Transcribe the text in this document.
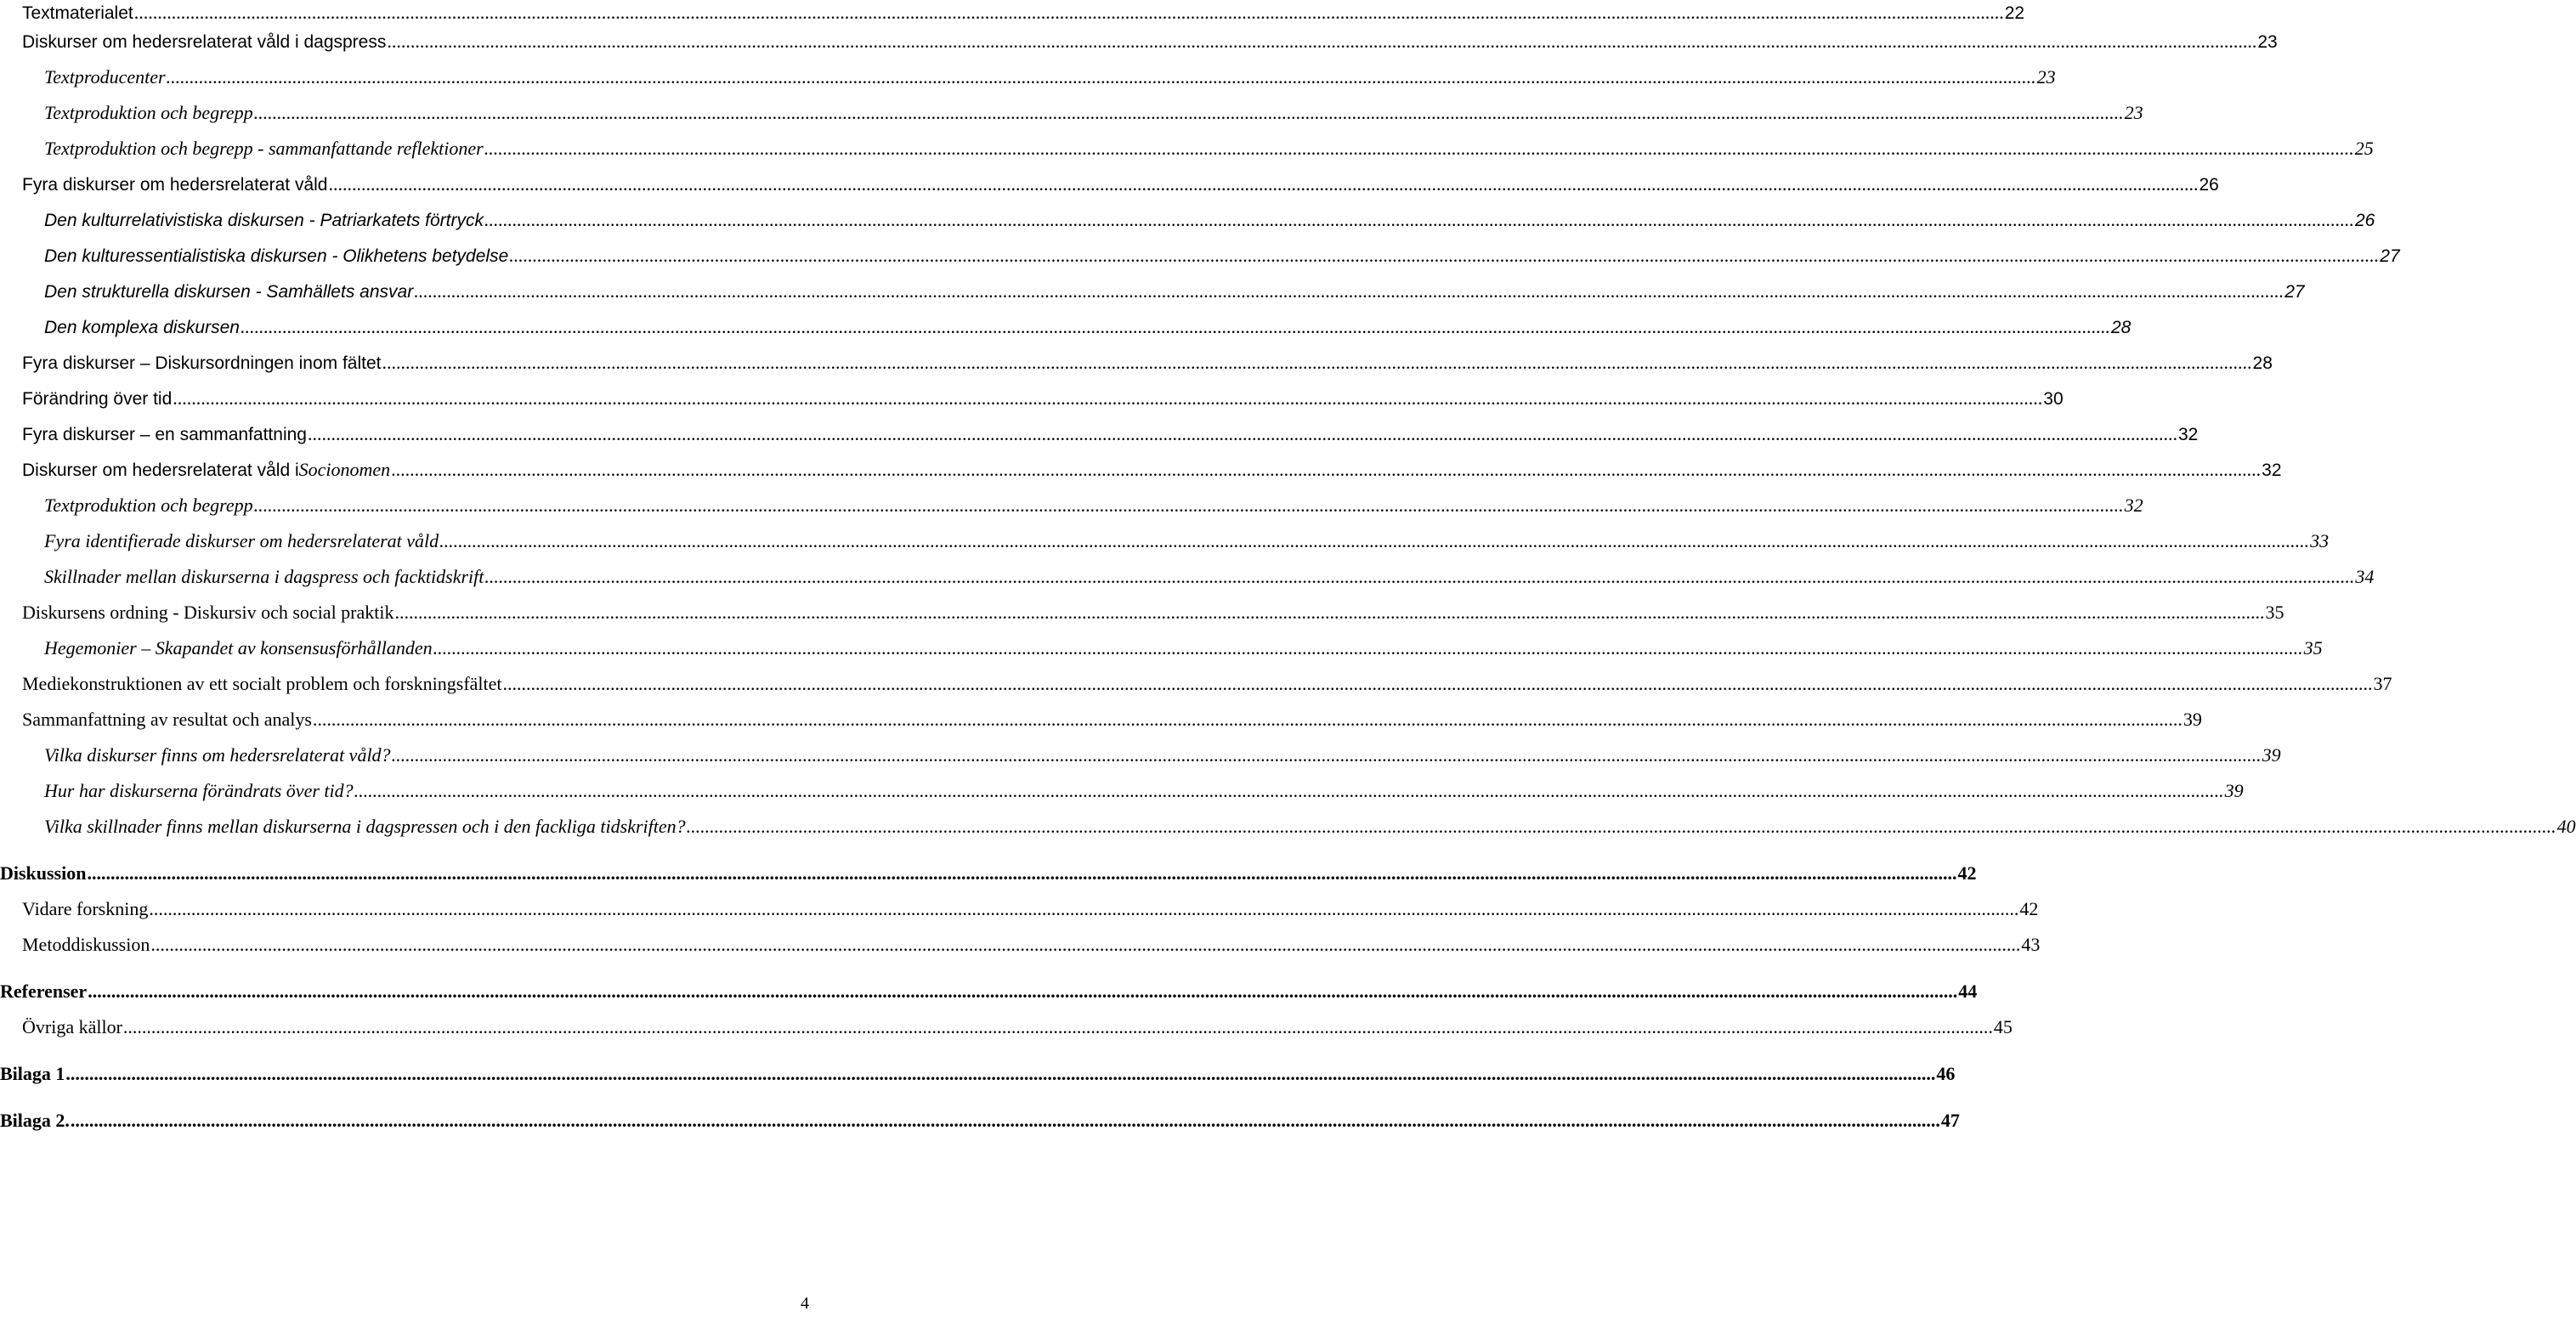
Textmaterialet ................................................................................................................................................................................................................................................................................................................................................................................................................ 22
Diskurser om hedersrelaterat våld i dagspress ................................................................................................................................................................................................................................................................................................................................................................................................................ 23
Textproducenter ................................................................................................................................................................................................................................................................................................................................................................................................................ 23
Textproduktion och begrepp ................................................................................................................................................................................................................................................................................................................................................................................................................ 23
Textproduktion och begrepp - sammanfattande reflektioner ................................................................................................................................................................................................................................................................................................................................................................................................................ 25
Fyra diskurser om hedersrelaterat våld ................................................................................................................................................................................................................................................................................................................................................................................................................ 26
Den kulturrelativistiska diskursen - Patriarkatets förtryck ................................................................................................................................................................................................................................................................................................................................................................................................................ 26
Den kulturessentialistiska diskursen - Olikhetens betydelse ................................................................................................................................................................................................................................................................................................................................................................................................................ 27
Den strukturella diskursen - Samhällets ansvar ................................................................................................................................................................................................................................................................................................................................................................................................................ 27
Den komplexa diskursen ................................................................................................................................................................................................................................................................................................................................................................................................................ 28
Fyra diskurser – Diskursordningen inom fältet ................................................................................................................................................................................................................................................................................................................................................................................................................ 28
Förändring över tid ................................................................................................................................................................................................................................................................................................................................................................................................................ 30
Fyra diskurser – en sammanfattning ................................................................................................................................................................................................................................................................................................................................................................................................................ 32
Diskurser om hedersrelaterat våld i Socionomen ................................................................................................................................................................................................................................................................................................................................................................................................................ 32
Textproduktion och begrepp ................................................................................................................................................................................................................................................................................................................................................................................................................ 32
Fyra identifierade diskurser om hedersrelaterat våld ................................................................................................................................................................................................................................................................................................................................................................................................................ 33
Skillnader mellan diskurserna i dagspress och facktidskrift ................................................................................................................................................................................................................................................................................................................................................................................................................ 34
Diskursens ordning - Diskursiv och social praktik ................................................................................................................................................................................................................................................................................................................................................................................................................ 35
Hegemonier – Skapandet av konsensusförhållanden ................................................................................................................................................................................................................................................................................................................................................................................................................ 35
Mediekonstruktionen av ett socialt problem och forskningsfältet ................................................................................................................................................................................................................................................................................................................................................................................................................ 37
Sammanfattning av resultat och analys ................................................................................................................................................................................................................................................................................................................................................................................................................ 39
Vilka diskurser finns om hedersrelaterat våld? ................................................................................................................................................................................................................................................................................................................................................................................................................ 39
Hur har diskurserna förändrats över tid? ................................................................................................................................................................................................................................................................................................................................................................................................................ 39
Vilka skillnader finns mellan diskurserna i dagspressen och i den fackliga tidskriften? ................................................................................................................................................................................................................................................................................................................................................................................................................ 40
Diskussion ................................................................................................................................................................................................................................................................................................................................................................................................................ 42
Vidare forskning ................................................................................................................................................................................................................................................................................................................................................................................................................ 42
Metoddiskussion ................................................................................................................................................................................................................................................................................................................................................................................................................ 43
Referenser ................................................................................................................................................................................................................................................................................................................................................................................................................ 44
Övriga källor ................................................................................................................................................................................................................................................................................................................................................................................................................ 45
Bilaga 1 ................................................................................................................................................................................................................................................................................................................................................................................................................ 46
Bilaga 2. ................................................................................................................................................................................................................................................................................................................................................................................................................ 47
4
